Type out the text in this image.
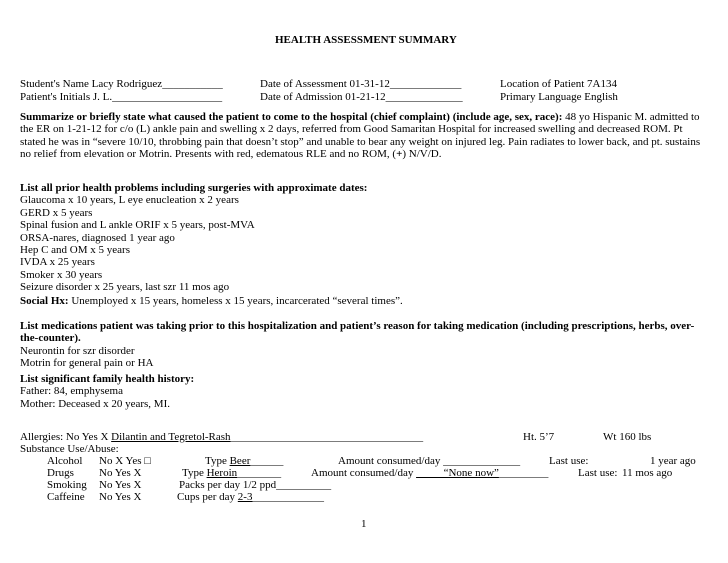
HEALTH ASSESSMENT SUMMARY
Student's Name Lacy Rodriguez___________	Date of Assessment 01-31-12_____________	Location of Patient 7A134
Patient's Initials J. L.____________________	Date of Admission 01-21-12______________	Primary Language English
Summarize or briefly state what caused the patient to come to the hospital (chief complaint) (include age, sex, race): 48 yo Hispanic M. admitted to
the ER on 1-21-12 for c/o (L) ankle pain and swelling x 2 days, referred from Good Samaritan Hospital for increased swelling and decreased ROM. Pt
stated he was in “severe 10/10, throbbing pain that doesn’t stop” and unable to bear any weight on injured leg. Pain radiates to lower back, and pt. sustains
no relief from elevation or Motrin. Presents with red, edematous RLE and no ROM, (+) N/V/D.
List all prior health problems including surgeries with approximate dates:
Glaucoma x 10 years, L eye enucleation x 2 years
GERD x 5 years
Spinal fusion and L ankle ORIF x 5 years, post-MVA
ORSA-nares, diagnosed 1 year ago
Hep C and OM x 5 years
IVDA x 25 years
Smoker x 30 years
Seizure disorder x 25 years, last szr 11 mos ago
Social Hx: Unemployed x 15 years, homeless x 15 years, incarcerated “several times”.
List medications patient was taking prior to this hospitalization and patient’s reason for taking medication (including prescriptions, herbs, over-
the-counter).
Neurontin for szr disorder
Motrin for general pain or HA
List significant family health history:
Father: 84, emphysema
Mother: Deceased x 20 years, MI.
Allergies: No Yes X Dilantin and Tegretol-Rash___________________________________	Ht. 5’7	Wt 160 lbs
Substance Use/Abuse:
Alcohol No X Yes □	Type Beer______	Amount consumed/day ______________	Last use:	1 year ago
Drugs No Yes X	Type Heroin________	Amount consumed/day _____“None now”_________	Last use: 11 mos ago
Smoking No Yes X	Packs per day 1/2 ppd__________
Caffeine No Yes X	Cups per day 2-3_____________
1
